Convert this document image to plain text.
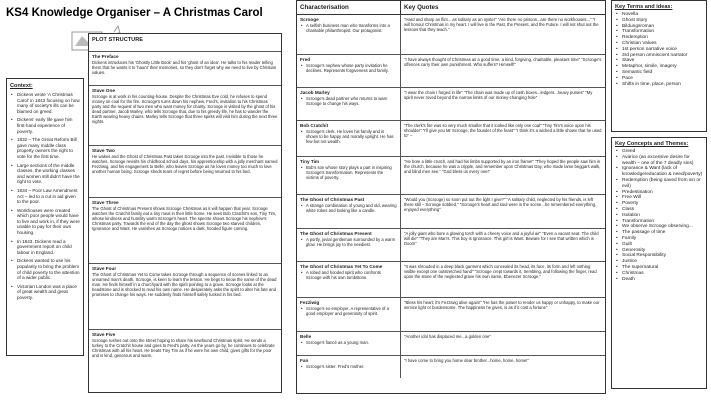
KS4 Knowledge Organiser – A Christmas Carol
Context:
• Dickens wrote 'A Christmas Carol' in 1843 focusing on how many of society's ills can be blamed on greed.
• Dickens' early life gave him first-hand experience of poverty.
• 1832 – The Great Reform Bill gave many middle class property owners the right to vote for the first time.
• Large sections of the middle classes, the working classes and women still didn't have the right to vote.
• 1834 – Poor Law Amendment Act – led to a cut in aid given to the poor.
• Workhouses were created which poor people would have to live and work in, if they were unable to pay for their own housing.
• In 1843, Dickens read a government report on child labour in England.
• Dickens wanted to use his popularity to bring the problem of child poverty to the attention of a wider public.
• Victorian London was a place of great wealth and great poverty.
PLOT STRUCTURE
The Preface
Dickens introduces his 'Ghostly Little Book' and his 'ghost of an idea'. He talks to his reader telling them that he wants it to 'haunt' their memories, so they don't forget why we need to live by Christian values.
Stave One
Scrooge is at work in his counting-house. Despite the Christmas Eve cold, he refuses to spend money on coal for the fire. Scrooge's turns down his nephew, Fred's, invitation to his Christmas party and the request of two men who want money for charity. Scrooge is visited by the ghost of his dead partner, Jacob Marley, who tells Scrooge that, due to his greedy life, he has to wander the Earth wearing heavy chains. Marley tells Scrooge that three spirits will visit him during the next three nights.
Stave Two
He wakes and the Ghost of Christmas Past takes Scrooge into the past. Invisible to those he watches, Scrooge revisits his childhood school days, his apprenticeship with a jolly merchant named Fezziwig, and his engagement to Belle, who leaves Scrooge as he loves money too much to love another human being. Scrooge sheds tears of regret before being returned to his bed.
Stave Three
The Ghost of Christmas Present shows Scrooge Christmas as it will happen that year. Scrooge watches the Cratchit family eat a tiny meal in their little home. He sees Bob Cratchit's son, Tiny Tim, whose kindness and humility warm Scrooge's heart. The spectre shows Scrooge his nephew's Christmas party. Towards the end of the day the ghost shows Scrooge two starved children, Ignorance and Want. He vanishes as Scrooge notices a dark, hooded figure coming.
Stave Four
The Ghost of Christmas Yet to Come takes Scrooge through a sequence of scenes linked to an unnamed man's death. Scrooge, is keen to learn the lesson. He begs to know the name of the dead man. He finds himself in a churchyard with the spirit pointing to a grave. Scrooge looks at the headstone and is shocked to read his own name. He desperately asks the spirit to alter his fate and promises to change his ways. He suddenly finds himself safely tucked in his bed.
Stave Five
Scrooge rushes out onto the street hoping to share his newfound Christmas spirit. He sends a turkey to the Cratchit house and goes to Fred's party. As the years go by, he continues to celebrate Christmas with all his heart. He treats Tiny Tim as if he were his own child, gives gifts for the poor and is kind, generous and warm.
Characterisation	Key Quotes
Scrooge
• A selfish business man who transforms into a charitable philanthropist. Our protagonist.
"Hard and sharp as flint... as solitary as an oyster" "Are there no prisons...are there no workhouses..." "I will honour Christmas in my heart. I will live in the Past, the Present, and the Future. I will not shut out the lessons that they teach."
Fred
• Scrooge's nephew whose party invitation he declines. Represents forgiveness and family.
"I have always thought of Christmas as a good time, a kind, forgiving, charitable, pleasant time" "Scrooge's offences carry their own punishment. Who suffers? Himself!"
Jacob Marley
• Scrooge's dead partner who returns to warn Scrooge to change his ways.
"I wear the chain I forged in life" "The chain was made up of cash boxes...ledgers...heavy purses" "My spirit never roved beyond the narrow limits of our money-changing hole"
Bob Cratchit
• Scrooge's clerk. He loves his family and is shown to be happy and morally upright. He has few but not wealth.
"The clerk's fire was so very much smaller that it looked like only one coal" "Tiny Tim's voice upon his shoulder" "I'll give you Mr Scrooge, the founder of the feast" "I think it's a wicked a little shown that he used to" –
Tiny Tim
• Bob's son whose story plays a part in inspiring Scrooge's transformation. Represents the victims of poverty.
"He bore a little crutch, and had his limbs supported by an iron frame!" "They hoped the people saw him in the church, because he was a cripple, and remember upon Christmas Day, who made lame beggars walk, and blind men see." "God bless us every one!"
The Ghost of Christmas Past
• A strange combination of young and old, wearing white robes and looking like a candle.
"Would you (Scrooge) so soon put out the light I give?" "A solitary child, neglected by his friends, is left there still – Scrooge sobbed." "Scrooge's heart and soul were in the scene...he remembered everything, enjoyed everything"
The Ghost of Christmas Present
• A portly, jovial gentleman surrounded by a warm glow. He brings joy to the neediest.
"A jolly giant who bore a glowing torch with a cheery voice and a joyful air" "Even a vacant seat. The child will die" "They are Man's. This boy is Ignorance. This girl is Want. Beware for I see that written which is Doom"
The Ghost of Christmas Yet To Come
• A robed and hooded spirit who confronts Scrooge with his own tombstone.
"It was shrouded in a deep black garment which concealed its head, its face, its form and left nothing visible except one outstretched hand" "Scrooge crept towards it, trembling, and following the finger, read upon the stone of the neglected grave his own name, Ebenezer Scrooge."
Fezziwig
• Scrooge's ex-employer. A representative of a good employer and generosity of spirit.
"Bless his heart; it's Fezziwig alive again!" "He has the power to render us happy or unhappy, to make our service light or burdensome. The happiness he gives, is as if it cost a fortune"
Belle
• Scrooge's fiancé as a young man.
"Another idol has displaced me...a golden one"
Fan
• Scrooge's sister. Fred's mother.
"I have come to bring you home dear brother...home, home, home!"
Key Terms and ideas:
• Novella
• Ghost Story
• Bildungsroman
• Transformation
• Redemption
• Christian Values
• 1st person narrative voice
• 3rd person omniscient narrator
• Stave
• Metaphor, simile, imagery
• Semantic field
• Pace
• Shifts in time, place, person
Key Concepts and Themes:
• Greed
• Avarice (an excessive desire for wealth – one of the 7 deadly sins)
• Ignorance & Want (lack of knowledge/education & need/poverty)
• Redemption (being saved from sin or evil)
• Predestination
• Free Will
• Poverty
• Class
• Isolation
• Transformation
• We observe Scrooge observing...
• The passage of time
• Family
• Guilt
• Generosity
• Social Responsibility
• Justice
• The supernatural
• Christmas
• Death
